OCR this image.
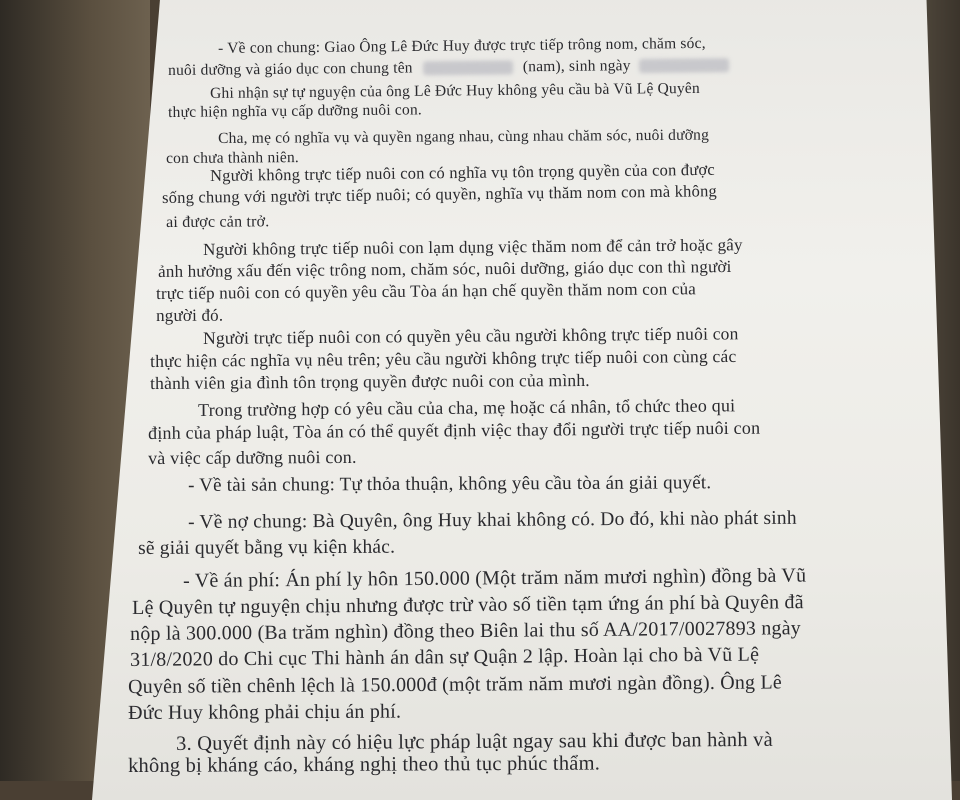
- Về con chung: Giao Ông Lê Đức Huy được trực tiếp trông nom, chăm sóc,

nuôi dưỡng và giáo dục con chung tên	(nam), sinh ngày

Ghi nhận sự tự nguyện của ông Lê Đức Huy không yêu cầu bà Vũ Lệ Quyên

thực hiện nghĩa vụ cấp dưỡng nuôi con.

Cha, mẹ có nghĩa vụ và quyền ngang nhau, cùng nhau chăm sóc, nuôi dưỡng

con chưa thành niên.

Người không trực tiếp nuôi con có nghĩa vụ tôn trọng quyền của con được

sống chung với người trực tiếp nuôi; có quyền, nghĩa vụ thăm nom con mà không

ai được cản trở.

Người không trực tiếp nuôi con lạm dụng việc thăm nom để cản trở hoặc gây

ảnh hưởng xấu đến việc trông nom, chăm sóc, nuôi dưỡng, giáo dục con thì người

trực tiếp nuôi con có quyền yêu cầu Tòa án hạn chế quyền thăm nom con của

người đó.

Người trực tiếp nuôi con có quyền yêu cầu người không trực tiếp nuôi con

thực hiện các nghĩa vụ nêu trên; yêu cầu người không trực tiếp nuôi con cùng các

thành viên gia đình tôn trọng quyền được nuôi con của mình.

Trong trường hợp có yêu cầu của cha, mẹ hoặc cá nhân, tổ chức theo qui

định của pháp luật, Tòa án có thể quyết định việc thay đổi người trực tiếp nuôi con

và việc cấp dưỡng nuôi con.

- Về tài sản chung: Tự thỏa thuận, không yêu cầu tòa án giải quyết.

- Về nợ chung: Bà Quyên, ông Huy khai không có. Do đó, khi nào phát sinh

sẽ giải quyết bằng vụ kiện khác.

- Về án phí: Án phí ly hôn 150.000 (Một trăm năm mươi nghìn) đồng bà Vũ

Lệ Quyên tự nguyện chịu nhưng được trừ vào số tiền tạm ứng án phí bà Quyên đã

nộp là 300.000 (Ba trăm nghìn) đồng theo Biên lai thu số AA/2017/0027893 ngày

31/8/2020 do Chi cục Thi hành án dân sự Quận 2 lập. Hoàn lại cho bà Vũ Lệ

Quyên số tiền chênh lệch là 150.000đ (một trăm năm mươi ngàn đồng). Ông Lê

Đức Huy không phải chịu án phí.

3. Quyết định này có hiệu lực pháp luật ngay sau khi được ban hành và

không bị kháng cáo, kháng nghị theo thủ tục phúc thẩm.
